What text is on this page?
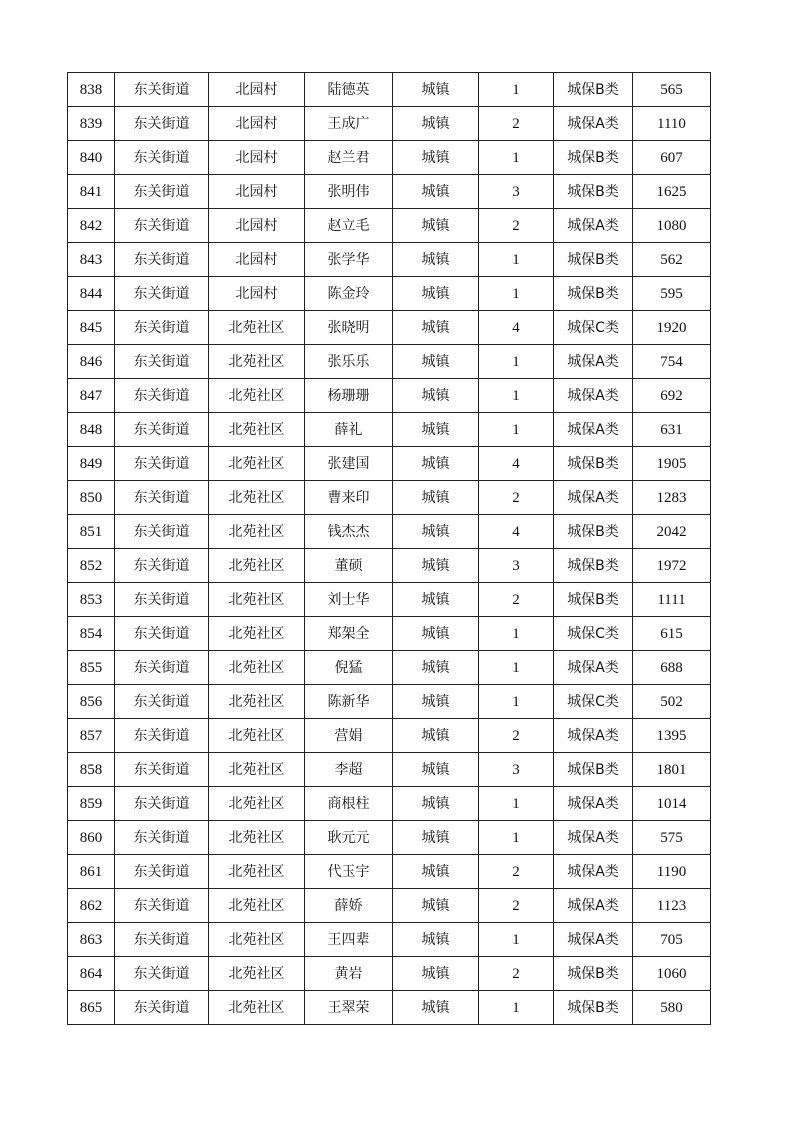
838	东关街道	北园村	陆德英	城镇	1	城保B类	565
839	东关街道	北园村	王成广	城镇	2	城保A类	1110
840	东关街道	北园村	赵兰君	城镇	1	城保B类	607
841	东关街道	北园村	张明伟	城镇	3	城保B类	1625
842	东关街道	北园村	赵立毛	城镇	2	城保A类	1080
843	东关街道	北园村	张学华	城镇	1	城保B类	562
844	东关街道	北园村	陈金玲	城镇	1	城保B类	595
845	东关街道	北苑社区	张晓明	城镇	4	城保C类	1920
846	东关街道	北苑社区	张乐乐	城镇	1	城保A类	754
847	东关街道	北苑社区	杨珊珊	城镇	1	城保A类	692
848	东关街道	北苑社区	薛礼	城镇	1	城保A类	631
849	东关街道	北苑社区	张建国	城镇	4	城保B类	1905
850	东关街道	北苑社区	曹来印	城镇	2	城保A类	1283
851	东关街道	北苑社区	钱杰杰	城镇	4	城保B类	2042
852	东关街道	北苑社区	董硕	城镇	3	城保B类	1972
853	东关街道	北苑社区	刘士华	城镇	2	城保B类	1111
854	东关街道	北苑社区	郑架全	城镇	1	城保C类	615
855	东关街道	北苑社区	倪猛	城镇	1	城保A类	688
856	东关街道	北苑社区	陈新华	城镇	1	城保C类	502
857	东关街道	北苑社区	营娟	城镇	2	城保A类	1395
858	东关街道	北苑社区	李超	城镇	3	城保B类	1801
859	东关街道	北苑社区	商根柱	城镇	1	城保A类	1014
860	东关街道	北苑社区	耿元元	城镇	1	城保A类	575
861	东关街道	北苑社区	代玉宇	城镇	2	城保A类	1190
862	东关街道	北苑社区	薛娇	城镇	2	城保A类	1123
863	东关街道	北苑社区	王四辈	城镇	1	城保A类	705
864	东关街道	北苑社区	黄岩	城镇	2	城保B类	1060
865	东关街道	北苑社区	王翠荣	城镇	1	城保B类	580
